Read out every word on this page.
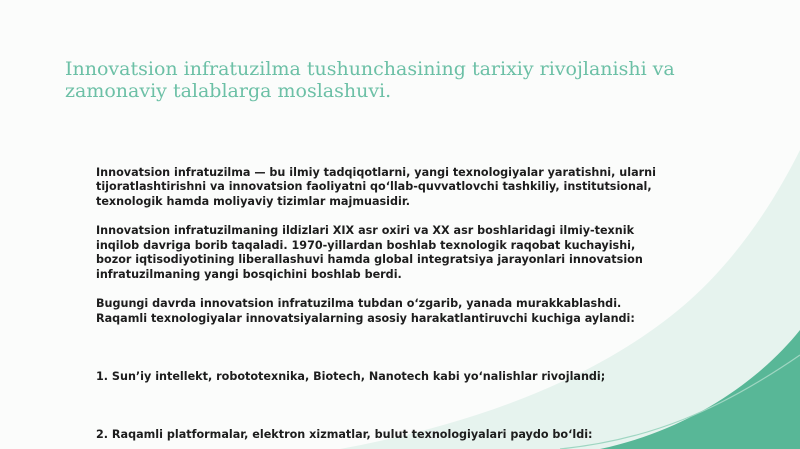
Innovatsion infratuzilma tushunchasining tarixiy rivojlanishi va zamonaviy talablarga moslashuvi.

Innovatsion infratuzilma — bu ilmiy tadqiqotlarni, yangi texnologiyalar yaratishni, ularni tijoratlashtirishni va innovatsion faoliyatni qo‘llab-quvvatlovchi tashkiliy, institutsional, texnologik hamda moliyaviy tizimlar majmuasidir.

Innovatsion infratuzilmaning ildizlari XIX asr oxiri va XX asr boshlaridagi ilmiy-texnik inqilob davriga borib taqaladi. 1970-yillardan boshlab texnologik raqobat kuchayishi, bozor iqtisodiyotining liberallashuvi hamda global integratsiya jarayonlari innovatsion infratuzilmaning yangi bosqichini boshlab berdi.

Bugungi davrda innovatsion infratuzilma tubdan o‘zgarib, yanada murakkablashdi. Raqamli texnologiyalar innovatsiyalarning asosiy harakatlantiruvchi kuchiga aylandi:

1. Sun’iy intellekt, robototexnika, Biotech, Nanotech kabi yo‘nalishlar rivojlandi;

2. Raqamli platformalar, elektron xizmatlar, bulut texnologiyalari paydo bo‘ldi:
